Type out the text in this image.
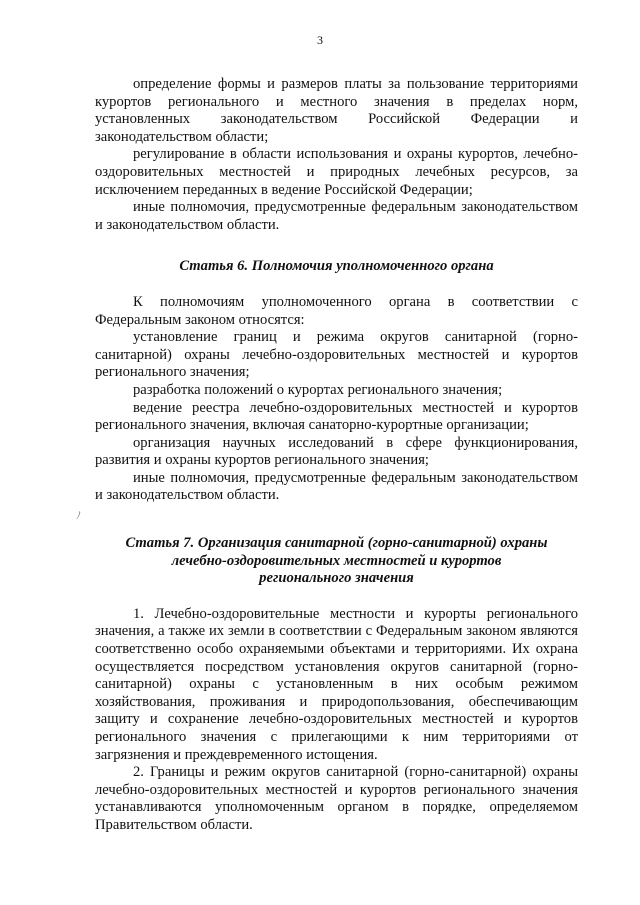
3
ﾉ

определение формы и размеров платы за пользование территориями курортов регионального и местного значения в пределах норм, установленных законодательством Российской Федерации и законодательством области;

регулирование в области использования и охраны курортов, лечебно-оздоровительных местностей и природных лечебных ресурсов, за исключением переданных в ведение Российской Федерации;

иные полномочия, предусмотренные федеральным законодательством и законодательством области.

Статья 6. Полномочия уполномоченного органа

К полномочиям уполномоченного органа в соответствии с Федеральным законом относятся:

установление границ и режима округов санитарной (горно-санитарной) охраны лечебно-оздоровительных местностей и курортов регионального значения;

разработка положений о курортах регионального значения;

ведение реестра лечебно-оздоровительных местностей и курортов регионального значения, включая санаторно-курортные организации;

организация научных исследований в сфере функционирования, развития и охраны курортов регионального значения;

иные полномочия, предусмотренные федеральным законодательством и законодательством области.

Статья 7. Организация санитарной (горно-санитарной) охраны
лечебно-оздоровительных местностей и курортов
регионального значения

1. Лечебно-оздоровительные местности и курорты регионального значения, а также их земли в соответствии с Федеральным законом являются соответственно особо охраняемыми объектами и территориями. Их охрана осуществляется посредством установления округов санитарной (горно-санитарной) охраны с установленным в них особым режимом хозяйствования, проживания и природопользования, обеспечивающим защиту и сохранение лечебно-оздоровительных местностей и курортов регионального значения с прилегающими к ним территориями от загрязнения и преждевременного истощения.

2. Границы и режим округов санитарной (горно-санитарной) охраны лечебно-оздоровительных местностей и курортов регионального значения устанавливаются уполномоченным органом в порядке, определяемом Правительством области.
